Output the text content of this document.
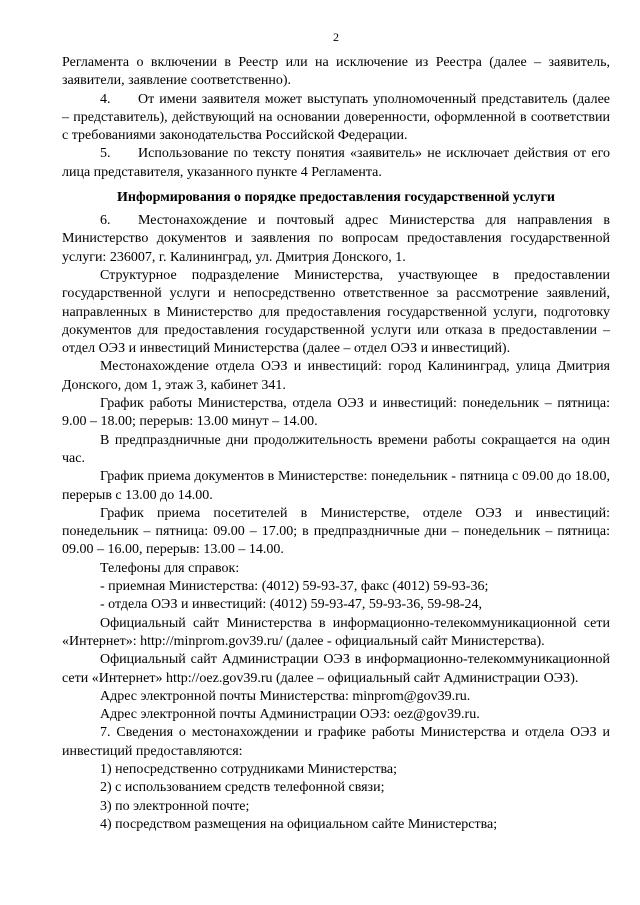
2

Регламента о включении в Реестр или на исключение из Реестра (далее – заявитель, заявители, заявление соответственно).

4. От имени заявителя может выступать уполномоченный представитель (далее – представитель), действующий на основании доверенности, оформленной в соответствии с требованиями законодательства Российской Федерации.

5. Использование по тексту понятия «заявитель» не исключает действия от его лица представителя, указанного пункте 4 Регламента.

Информирования о порядке предоставления государственной услуги

6. Местонахождение и почтовый адрес Министерства для направления в Министерство документов и заявления по вопросам предоставления государственной услуги: 236007, г. Калининград, ул. Дмитрия Донского, 1.

Структурное подразделение Министерства, участвующее в предоставлении государственной услуги и непосредственно ответственное за рассмотрение заявлений, направленных в Министерство для предоставления государственной услуги, подготовку документов для предоставления государственной услуги или отказа в предоставлении – отдел ОЭЗ и инвестиций Министерства (далее – отдел ОЭЗ и инвестиций).

Местонахождение отдела ОЭЗ и инвестиций: город Калининград, улица Дмитрия Донского, дом 1, этаж 3, кабинет 341.

График работы Министерства, отдела ОЭЗ и инвестиций: понедельник – пятница: 9.00 – 18.00; перерыв: 13.00 минут – 14.00.

В предпраздничные дни продолжительность времени работы сокращается на один час.

График приема документов в Министерстве: понедельник - пятница с 09.00 до 18.00, перерыв с 13.00 до 14.00.

График приема посетителей в Министерстве, отделе ОЭЗ и инвестиций: понедельник – пятница: 09.00 – 17.00; в предпраздничные дни – понедельник – пятница: 09.00 – 16.00, перерыв: 13.00 – 14.00.

Телефоны для справок:

- приемная Министерства: (4012) 59-93-37, факс (4012) 59-93-36;

- отдела ОЭЗ и инвестиций: (4012) 59-93-47, 59-93-36, 59-98-24,

Официальный сайт Министерства в информационно-телекоммуникационной сети «Интернет»: http://minprom.gov39.ru/ (далее - официальный сайт Министерства).

Официальный сайт Администрации ОЭЗ в информационно-телекоммуникационной сети «Интернет» http://oez.gov39.ru (далее – официальный сайт Администрации ОЭЗ).

Адрес электронной почты Министерства: minprom@gov39.ru.

Адрес электронной почты Администрации ОЭЗ: oez@gov39.ru.

7. Сведения о местонахождении и графике работы Министерства и отдела ОЭЗ и инвестиций предоставляются:

1) непосредственно сотрудниками Министерства;

2) с использованием средств телефонной связи;

3) по электронной почте;

4) посредством размещения на официальном сайте Министерства;
